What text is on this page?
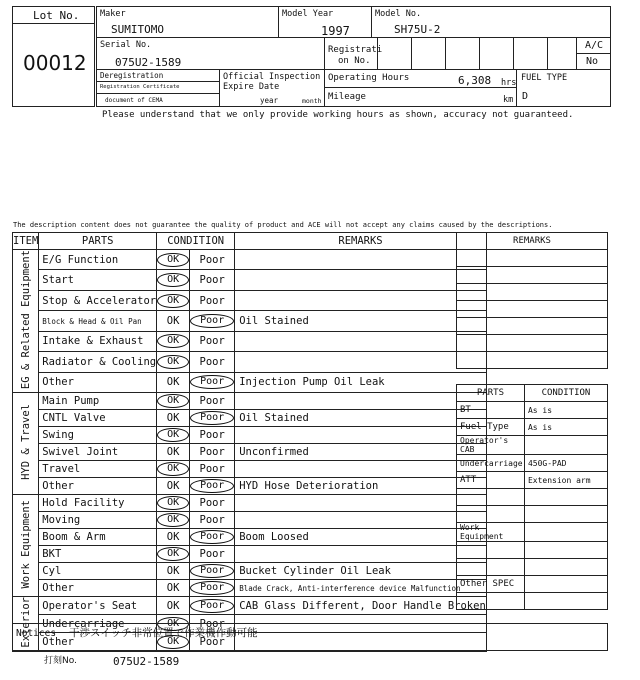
Lot No.
00012
Maker
SUMITOMO
Model Year
1997
Model No.
SH75U-2
Serial No.
075U2-1589
Registrati
on No.
A/C
No
Deregistration
Registration Certificate
document of CEMA
Official Inspection
Expire Date
year	month
Operating Hours	6,308 hrs
Mileage	km
FUEL TYPE
D
Please understand that we only provide working hours as shown, accuracy not guaranteed.
The description content does not guarantee the quality of product and ACE will not accept any claims caused by the descriptions.
ITEM	PARTS	CONDITION		REMARKS
EG & Related Equipment	E/G Function	OK	Poor	
	Start	OK	Poor	
	Stop & Accelerator	OK	Poor	
	Block & Head & Oil Pan	OK	Poor	Oil Stained
	Intake & Exhaust	OK	Poor	
	Radiator & Cooling	OK	Poor	
	Other	OK	Poor	Injection Pump Oil Leak
HYD & Travel	Main Pump	OK	Poor	
	CNTL Valve	OK	Poor	Oil Stained
	Swing	OK	Poor	
	Swivel Joint	OK	Poor	Unconfirmed
	Travel	OK	Poor	
	Other	OK	Poor	HYD Hose Deterioration
Work Equipment	Hold Facility	OK	Poor	
	Moving	OK	Poor	
	Boom & Arm	OK	Poor	Boom Loosed
	BKT	OK	Poor	
	Cyl	OK	Poor	Bucket Cylinder Oil Leak
	Other	OK	Poor	Blade Crack, Anti-interference device Malfunction
Exterior	Operator's Seat	OK	Poor	CAB Glass Different, Door Handle Broken
	Undercarriage	OK	Poor	
	Other	OK	Poor	
REMARKS

PARTS	CONDITION
BT	As is
Fuel Type	As is
Operator's CAB	
Undercarriage	450G-PAD
ATT	Extension arm

Work Equipment	

Other SPEC	

Notices 干渉スイッチ非常位置で作業機作動可能
打刻No.	075U2-1589
